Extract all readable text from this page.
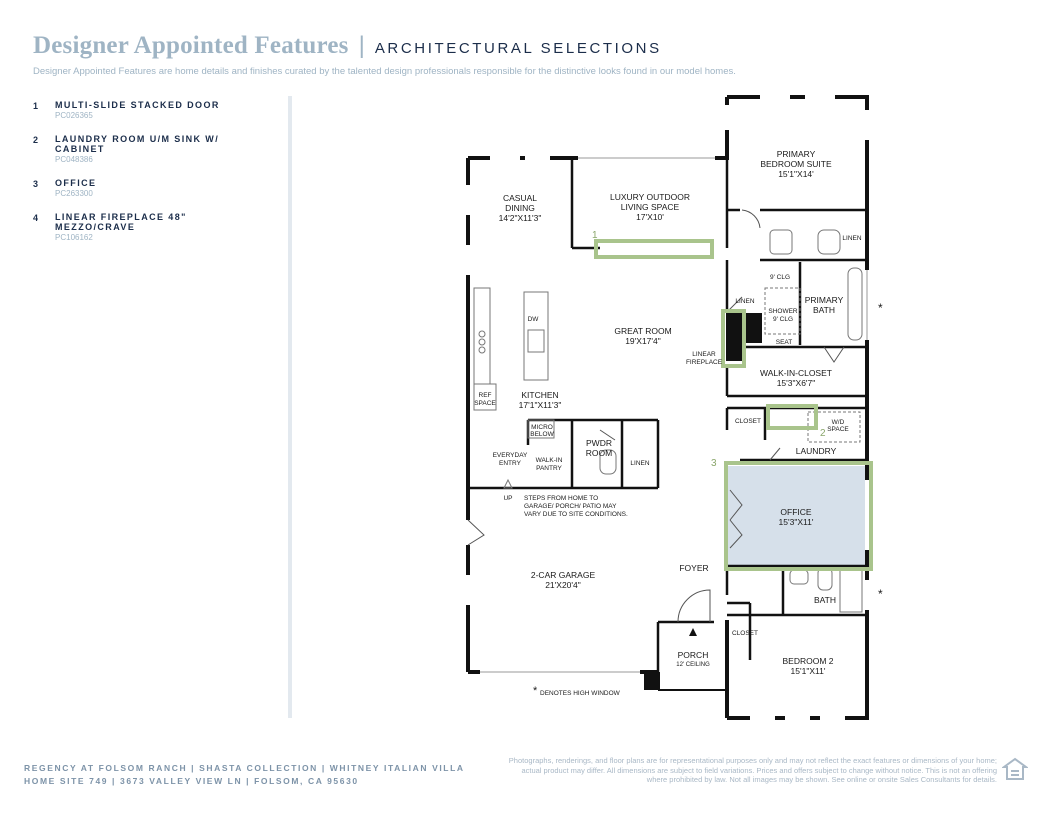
Designer Appointed Features | ARCHITECTURAL SELECTIONS
Designer Appointed Features are home details and finishes curated by the talented design professionals responsible for the distinctive looks found in our model homes.
1	MULTI-SLIDE STACKED DOOR
PC026365
2	LAUNDRY ROOM U/M SINK W/ CABINET
PC048386
3	OFFICE
PC263300
4	LINEAR FIREPLACE 48" MEZZO/CRAVE
PC106162	1
2
3
PRIMARY
BEDROOM SUITE
15'1"X14'
LUXURY OUTDOOR
LIVING SPACE
17'X10'
CASUAL
DINING
14'2"X11'3"
GREAT ROOM
19'X17'4"
KITCHEN
17'1"X11'3"
PRIMARY
BATH
WALK-IN-CLOSET
15'3"X6'7"
LAUNDRY
OFFICE
15'3"X11'
2-CAR GARAGE
21'X20'4"
FOYER
PORCH
12' CEILING
BATH
BEDROOM 2
15'1"X11'
PWDR
ROOM
LINEN
9' CLG
SHOWER
9' CLG
SEAT
LINEN
LINEAR
FIREPLACE
CLOSET	W/D
SPACE
DW
REF
SPACE
MICRO
BELOW
WALK-IN
PANTRY
EVERYDAY
ENTRY	LINEN
UP
CLOSET
STEPS FROM HOME TO
GARAGE/ PORCH/ PATIO MAY
VARY DUE TO SITE CONDITIONS.
*
*
* DENOTES HIGH WINDOW
REGENCY AT FOLSOM RANCH | SHASTA COLLECTION | WHITNEY ITALIAN VILLA
HOME SITE 749 | 3673 VALLEY VIEW LN | FOLSOM, CA 95630
Photographs, renderings, and floor plans are for representational purposes only and may not reflect the exact features or dimensions of your home; actual product may differ. All dimensions are subject to field variations. Prices and offers subject to change without notice. This is not an offering where prohibited by law. Not all images may be shown. See online or onsite Sales Consultants for details.
